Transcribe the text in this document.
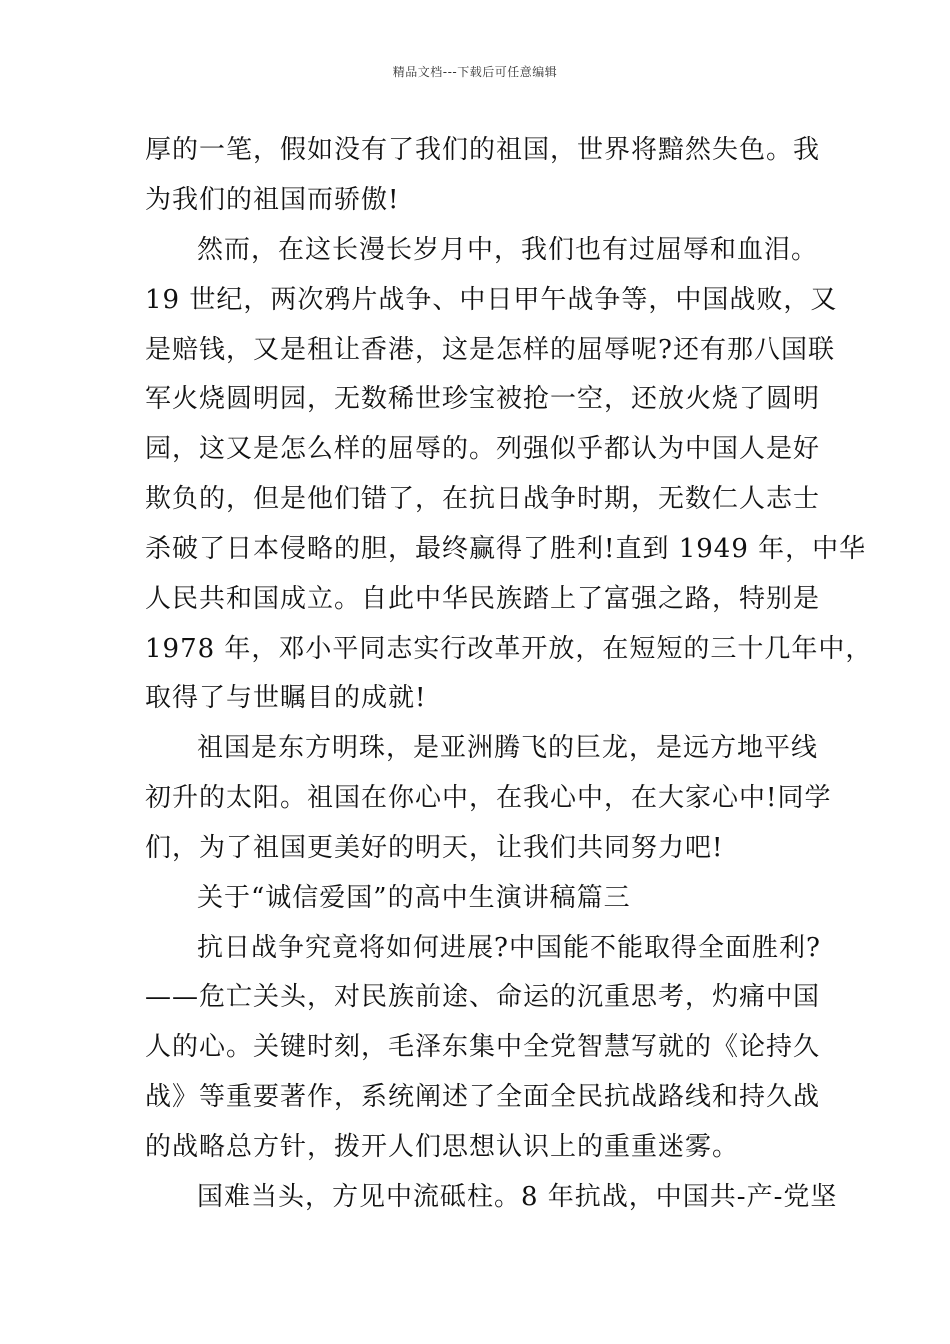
精品文档---下载后可任意编辑
厚的一笔，假如没有了我们的祖国，世界将黯然失色。我
为我们的祖国而骄傲!
然而，在这长漫长岁月中，我们也有过屈辱和血泪。
19 世纪，两次鸦片战争、中日甲午战争等，中国战败，又
是赔钱，又是租让香港，这是怎样的屈辱呢?还有那八国联
军火烧圆明园，无数稀世珍宝被抢一空，还放火烧了圆明
园，这又是怎么样的屈辱的。列强似乎都认为中国人是好
欺负的，但是他们错了，在抗日战争时期，无数仁人志士
杀破了日本侵略的胆，最终赢得了胜利!直到 1949 年，中华
人民共和国成立。自此中华民族踏上了富强之路，特别是
1978 年，邓小平同志实行改革开放，在短短的三十几年中，
取得了与世瞩目的成就!
祖国是东方明珠，是亚洲腾飞的巨龙，是远方地平线
初升的太阳。祖国在你心中，在我心中，在大家心中!同学
们，为了祖国更美好的明天，让我们共同努力吧!
关于“诚信爱国”的高中生演讲稿篇三
抗日战争究竟将如何进展?中国能不能取得全面胜利?
——危亡关头，对民族前途、命运的沉重思考，灼痛中国
人的心。关键时刻，毛泽东集中全党智慧写就的《论持久
战》等重要著作，系统阐述了全面全民抗战路线和持久战
的战略总方针，拨开人们思想认识上的重重迷雾。
国难当头，方见中流砥柱。8 年抗战，中国共-产-党坚
